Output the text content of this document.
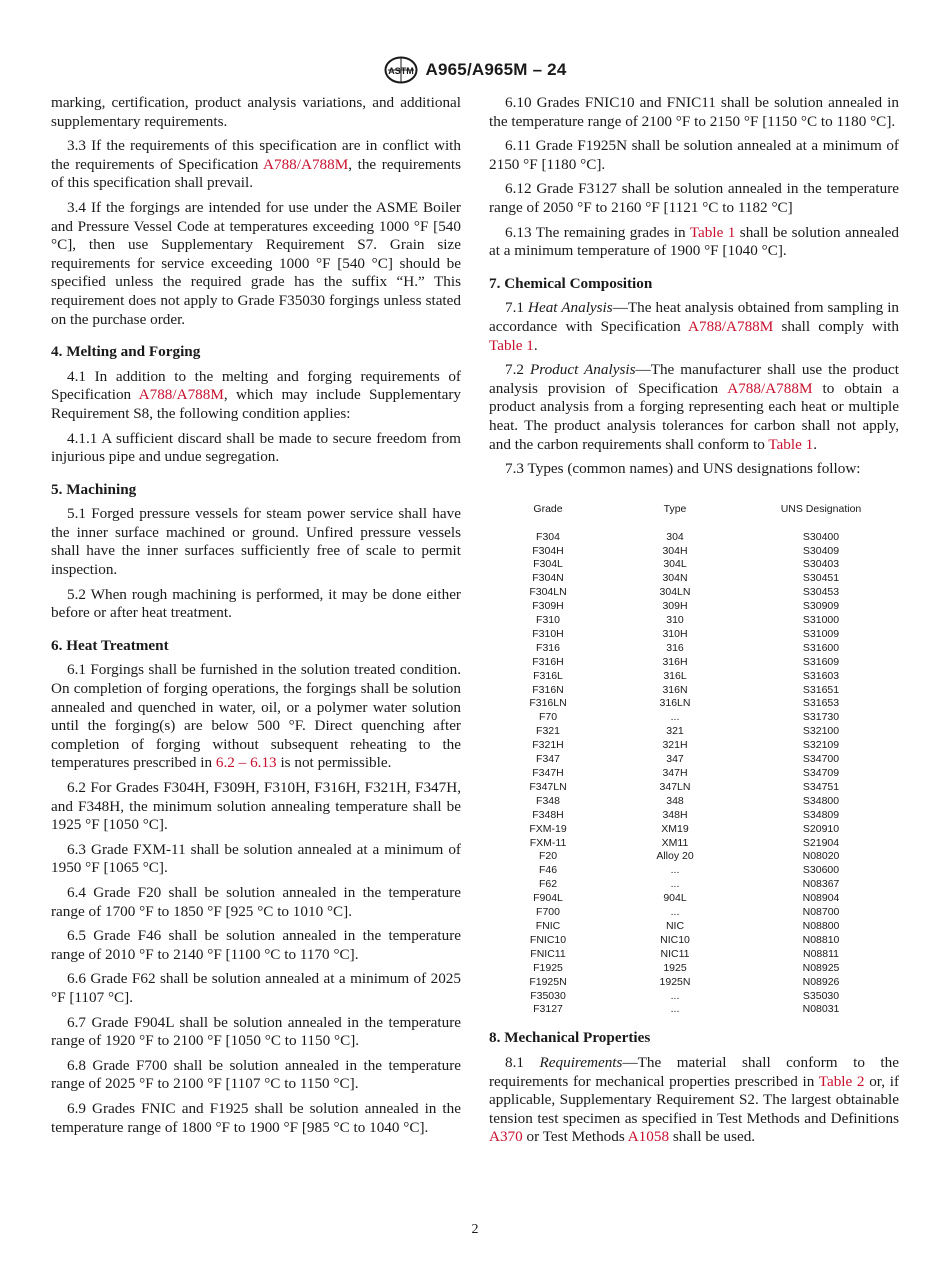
ASTM A965/A965M – 24

marking, certification, product analysis variations, and additional supplementary requirements.

3.3 If the requirements of this specification are in conflict with the requirements of Specification A788/A788M, the requirements of this specification shall prevail.

3.4 If the forgings are intended for use under the ASME Boiler and Pressure Vessel Code at temperatures exceeding 1000 °F [540 °C], then use Supplementary Requirement S7. Grain size requirements for service exceeding 1000 °F [540 °C] should be specified unless the required grade has the suffix “H.” This requirement does not apply to Grade F35030 forgings unless stated on the purchase order.

4. Melting and Forging

4.1 In addition to the melting and forging requirements of Specification A788/A788M, which may include Supplementary Requirement S8, the following condition applies:

4.1.1 A sufficient discard shall be made to secure freedom from injurious pipe and undue segregation.

5. Machining

5.1 Forged pressure vessels for steam power service shall have the inner surface machined or ground. Unfired pressure vessels shall have the inner surfaces sufficiently free of scale to permit inspection.

5.2 When rough machining is performed, it may be done either before or after heat treatment.

6. Heat Treatment

6.1 Forgings shall be furnished in the solution treated condition. On completion of forging operations, the forgings shall be solution annealed and quenched in water, oil, or a polymer water solution until the forging(s) are below 500 °F. Direct quenching after completion of forging without subsequent reheating to the temperatures prescribed in 6.2 – 6.13 is not permissible.

6.2 For Grades F304H, F309H, F310H, F316H, F321H, F347H, and F348H, the minimum solution annealing temperature shall be 1925 °F [1050 °C].

6.3 Grade FXM-11 shall be solution annealed at a minimum of 1950 °F [1065 °C].

6.4 Grade F20 shall be solution annealed in the temperature range of 1700 °F to 1850 °F [925 °C to 1010 °C].

6.5 Grade F46 shall be solution annealed in the temperature range of 2010 °F to 2140 °F [1100 °C to 1170 °C].

6.6 Grade F62 shall be solution annealed at a minimum of 2025 °F [1107 °C].

6.7 Grade F904L shall be solution annealed in the temperature range of 1920 °F to 2100 °F [1050 °C to 1150 °C].

6.8 Grade F700 shall be solution annealed in the temperature range of 2025 °F to 2100 °F [1107 °C to 1150 °C].

6.9 Grades FNIC and F1925 shall be solution annealed in the temperature range of 1800 °F to 1900 °F [985 °C to 1040 °C].

6.10 Grades FNIC10 and FNIC11 shall be solution annealed in the temperature range of 2100 °F to 2150 °F [1150 °C to 1180 °C].

6.11 Grade F1925N shall be solution annealed at a minimum of 2150 °F [1180 °C].

6.12 Grade F3127 shall be solution annealed in the temperature range of 2050 °F to 2160 °F [1121 °C to 1182 °C]

6.13 The remaining grades in Table 1 shall be solution annealed at a minimum temperature of 1900 °F [1040 °C].

7. Chemical Composition

7.1 Heat Analysis—The heat analysis obtained from sampling in accordance with Specification A788/A788M shall comply with Table 1.

7.2 Product Analysis—The manufacturer shall use the product analysis provision of Specification A788/A788M to obtain a product analysis from a forging representing each heat or multiple heat. The product analysis tolerances for carbon shall not apply, and the carbon requirements shall conform to Table 1.

7.3 Types (common names) and UNS designations follow:

Grade	Type	UNS Designation
F304	304	S30400
F304H	304H	S30409
F304L	304L	S30403
F304N	304N	S30451
F304LN	304LN	S30453
F309H	309H	S30909
F310	310	S31000
F310H	310H	S31009
F316	316	S31600
F316H	316H	S31609
F316L	316L	S31603
F316N	316N	S31651
F316LN	316LN	S31653
F70	...	S31730
F321	321	S32100
F321H	321H	S32109
F347	347	S34700
F347H	347H	S34709
F347LN	347LN	S34751
F348	348	S34800
F348H	348H	S34809
FXM-19	XM19	S20910
FXM-11	XM11	S21904
F20	Alloy 20	N08020
F46	...	S30600
F62	...	N08367
F904L	904L	N08904
F700	...	N08700
FNIC	NIC	N08800
FNIC10	NIC10	N08810
FNIC11	NIC11	N08811
F1925	1925	N08925
F1925N	1925N	N08926
F35030	...	S35030
F3127	...	N08031

8. Mechanical Properties

8.1 Requirements—The material shall conform to the requirements for mechanical properties prescribed in Table 2 or, if applicable, Supplementary Requirement S2. The largest obtainable tension test specimen as specified in Test Methods and Definitions A370 or Test Methods A1058 shall be used.

2
